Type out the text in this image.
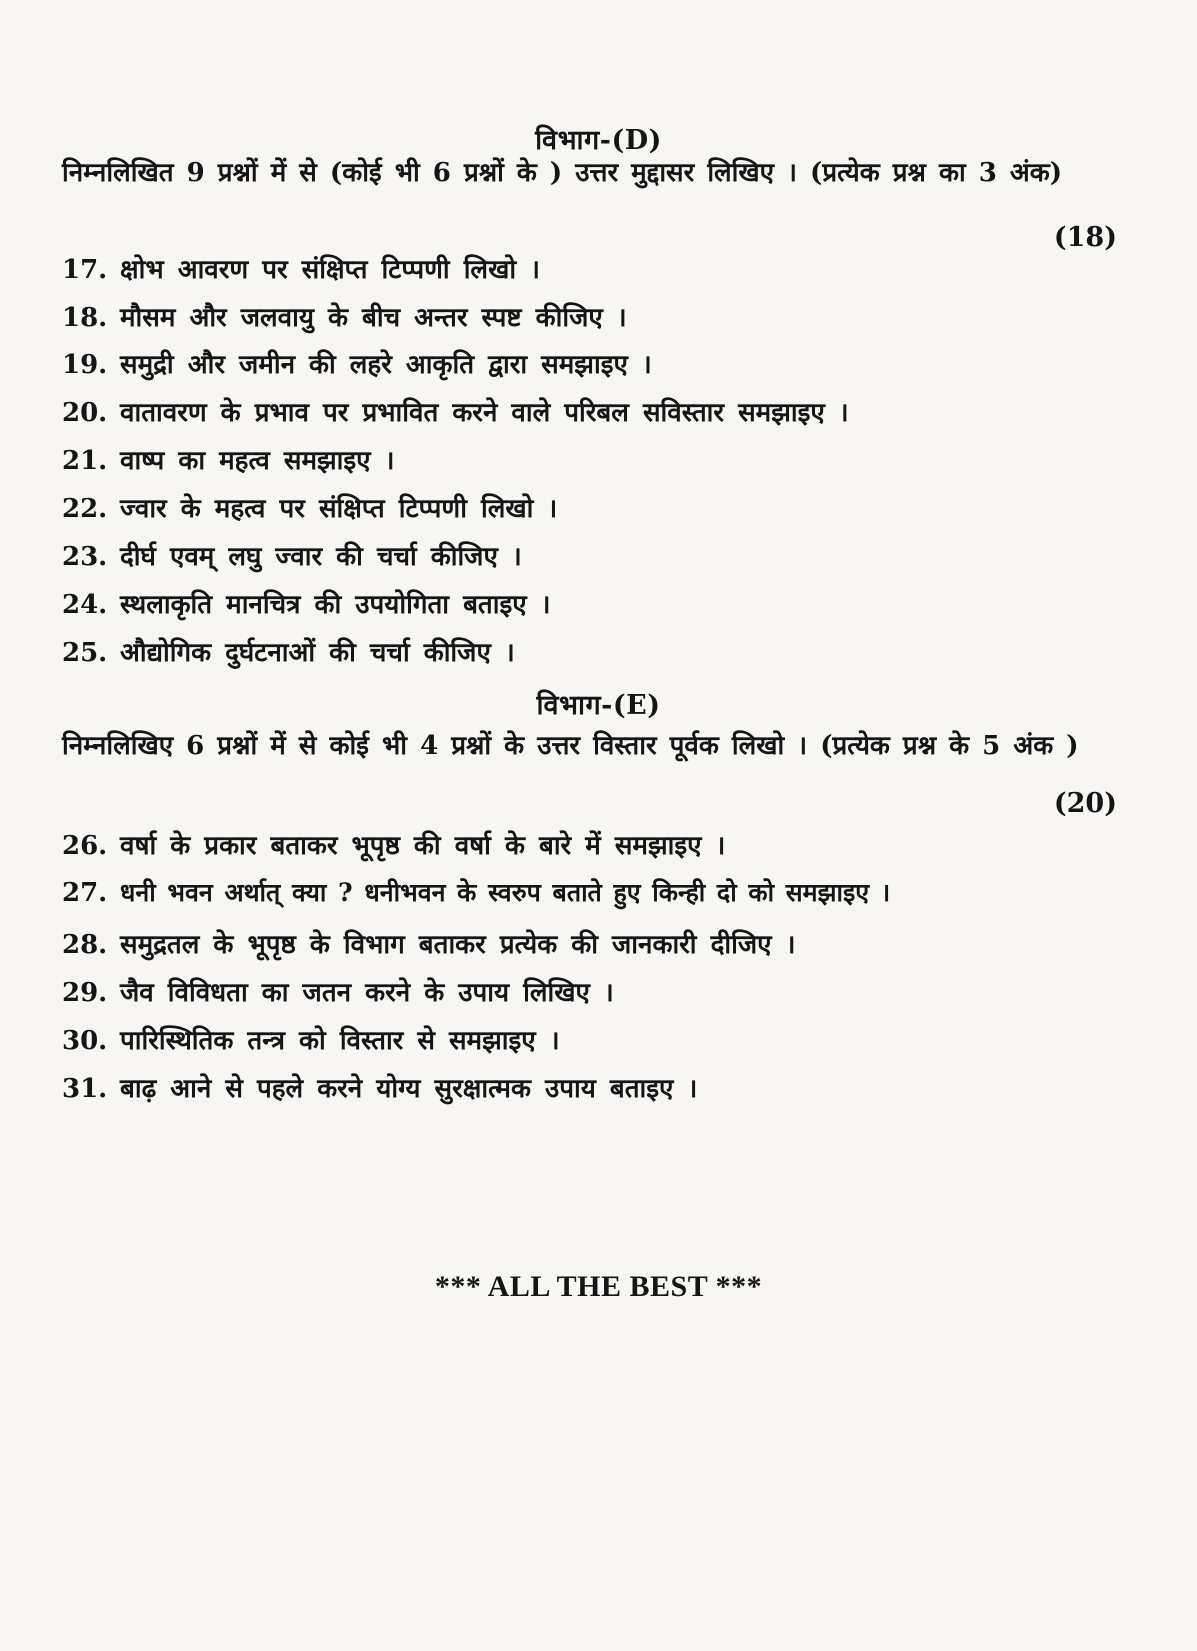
विभाग-(D)
निम्नलिखित 9 प्रश्नों में से (कोई भी 6 प्रश्नों के ) उत्तर मुद्दासर लिखिए । (प्रत्येक प्रश्न का 3 अंक)
(18)
17. क्षोभ आवरण पर संक्षिप्त टिप्पणी लिखो ।
18. मौसम और जलवायु के बीच अन्तर स्पष्ट कीजिए ।
19. समुद्री और जमीन की लहरे आकृति द्वारा समझाइए ।
20. वातावरण के प्रभाव पर प्रभावित करने वाले परिबल सविस्तार समझाइए ।
21. वाष्प का महत्व समझाइए ।
22. ज्वार के महत्व पर संक्षिप्त टिप्पणी लिखो ।
23. दीर्घ एवम् लघु ज्वार की चर्चा कीजिए ।
24. स्थलाकृति मानचित्र की उपयोगिता बताइए ।
25. औद्योगिक दुर्घटनाओं की चर्चा कीजिए ।
विभाग-(E)
निम्नलिखिए 6 प्रश्नों में से कोई भी 4 प्रश्नों के उत्तर विस्तार पूर्वक लिखो । (प्रत्येक प्रश्न के 5 अंक )
(20)
26. वर्षा के प्रकार बताकर भूपृष्ठ की वर्षा के बारे में समझाइए ।
27. धनी भवन अर्थात् क्या ? धनीभवन के स्वरुप बताते हुए किन्ही दो को समझाइए ।
28. समुद्रतल के भूपृष्ठ के विभाग बताकर प्रत्येक की जानकारी दीजिए ।
29. जैव विविधता का जतन करने के उपाय लिखिए ।
30. पारिस्थितिक तन्त्र को विस्तार से समझाइए ।
31. बाढ़ आने से पहले करने योग्य सुरक्षात्मक उपाय बताइए ।
*** ALL THE BEST ***
